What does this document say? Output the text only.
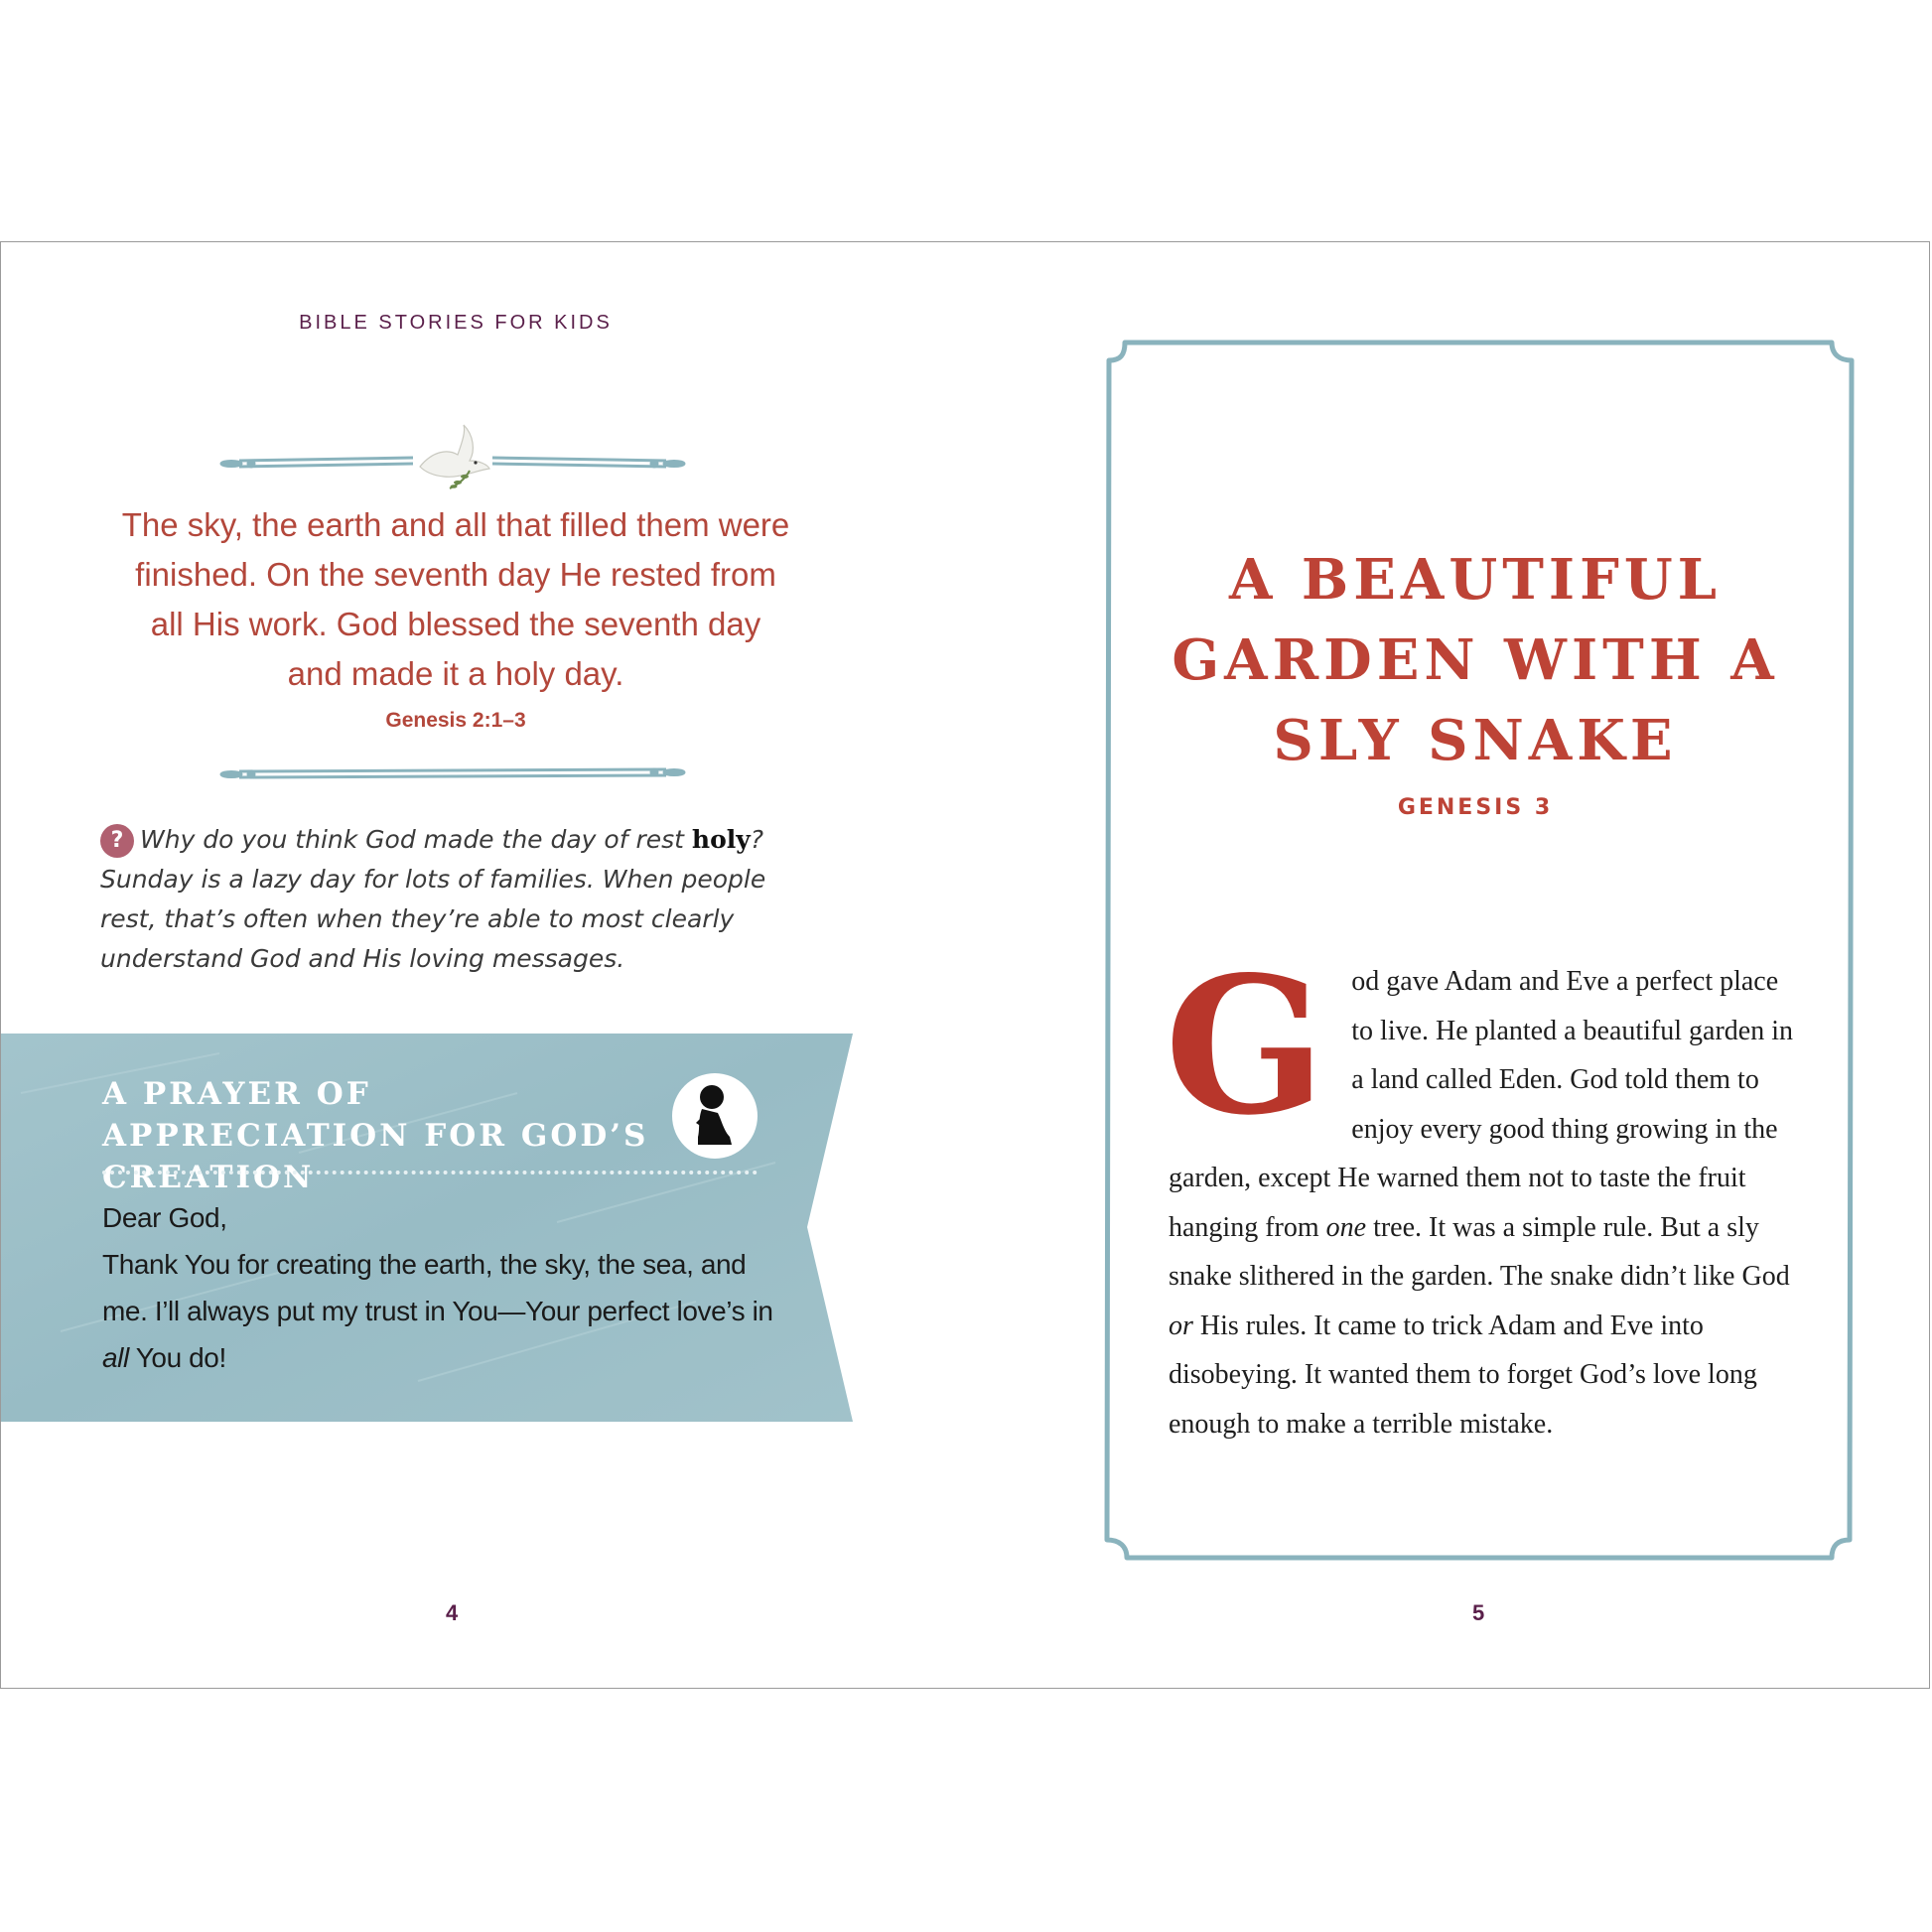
BIBLE STORIES FOR KIDS
The sky, the earth and all that filled them were finished. On the seventh day He rested from all His work. God blessed the seventh day and made it a holy day.
Genesis 2:1–3
? Why do you think God made the day of rest holy? Sunday is a lazy day for lots of families. When people rest, that’s often when they’re able to most clearly understand God and His loving messages.
A PRAYER OF APPRECIATION FOR GOD’S CREATION
Dear God,
Thank You for creating the earth, the sky, the sea, and me. I’ll always put my trust in You—Your perfect love’s in all You do!
4
A BEAUTIFUL GARDEN WITH A SLY SNAKE
GENESIS 3
God gave Adam and Eve a perfect place to live. He planted a beautiful garden in a land called Eden. God told them to enjoy every good thing growing in the garden, except He warned them not to taste the fruit hanging from one tree. It was a simple rule. But a sly snake slithered in the garden. The snake didn’t like God or His rules. It came to trick Adam and Eve into disobeying. It wanted them to forget God’s love long enough to make a terrible mistake.
5
